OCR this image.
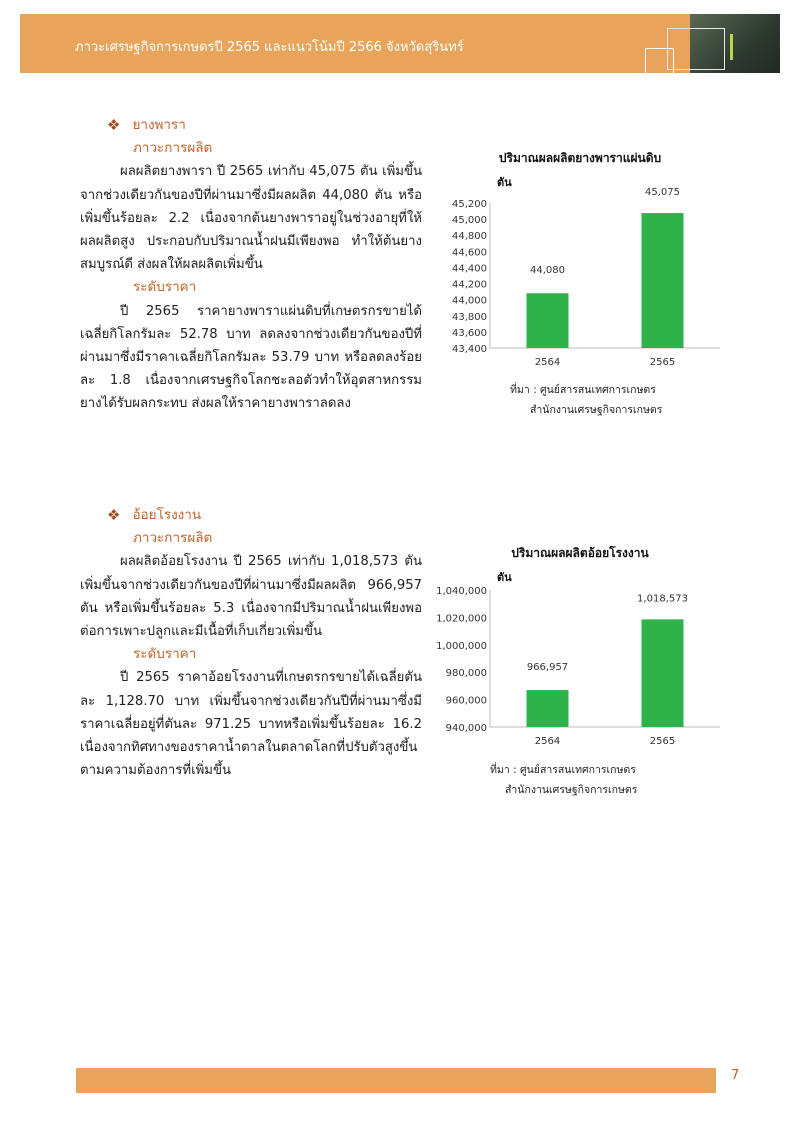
ภาวะเศรษฐกิจการเกษตรปี 2565 และแนวโน้มปี 2566 จังหวัดสุรินทร์
❖ ยางพารา
ภาวะการผลิต
ผลผลิตยางพารา ปี 2565 เท่ากับ 45,075 ตัน เพิ่มขึ้นจากช่วงเดียวกันของปีที่ผ่านมาซึ่งมีผลผลิต 44,080 ตัน หรือเพิ่มขึ้นร้อยละ 2.2 เนื่องจากต้นยางพาราอยู่ในช่วงอายุที่ให้ผลผลิตสูง ประกอบกับปริมาณน้ำฝนมีเพียงพอ ทำให้ต้นยางสมบูรณ์ดี ส่งผลให้ผลผลิตเพิ่มขึ้น
ระดับราคา
ปี 2565 ราคายางพาราแผ่นดิบที่เกษตรกรขายได้เฉลี่ยกิโลกรัมละ 52.78 บาท ลดลงจากช่วงเดียวกันของปีที่ผ่านมาซึ่งมีราคาเฉลี่ยกิโลกรัมละ 53.79 บาท หรือลดลงร้อยละ 1.8 เนื่องจากเศรษฐกิจโลกชะลอตัวทำให้อุตสาหกรรมยางได้รับผลกระทบ ส่งผลให้ราคายางพาราลดลง
❖ อ้อยโรงงาน
ภาวะการผลิต
ผลผลิตอ้อยโรงงาน ปี 2565 เท่ากับ 1,018,573 ตัน เพิ่มขึ้นจากช่วงเดียวกันของปีที่ผ่านมาซึ่งมีผลผลิต 966,957 ตัน หรือเพิ่มขึ้นร้อยละ 5.3 เนื่องจากมีปริมาณน้ำฝนเพียงพอต่อการเพาะปลูกและมีเนื้อที่เก็บเกี่ยวเพิ่มขึ้น
ระดับราคา
ปี 2565 ราคาอ้อยโรงงานที่เกษตรกรขายได้เฉลี่ยตันละ 1,128.70 บาท เพิ่มขึ้นจากช่วงเดียวกันปีที่ผ่านมาซึ่งมีราคาเฉลี่ยอยู่ที่ตันละ 971.25 บาทหรือเพิ่มขึ้นร้อยละ 16.2 เนื่องจากทิศทางของราคาน้ำตาลในตลาดโลกที่ปรับตัวสูงขึ้น ตามความต้องการที่เพิ่มขึ้น
ปริมาณผลผลิตยางพาราแผ่นดิบ
ตัน
43,400
43,600
43,800
44,000
44,200
44,400
44,600
44,800
45,000
45,200
44,080
2564
45,075
2565
ที่มา : ศูนย์สารสนเทศการเกษตร
สำนักงานเศรษฐกิจการเกษตร
ปริมาณผลผลิตอ้อยโรงงาน
ตัน
940,000
960,000
980,000
1,000,000
1,020,000
1,040,000
966,957
2564
1,018,573
2565
ที่มา : ศูนย์สารสนเทศการเกษตร
สำนักงานเศรษฐกิจการเกษตร
7
